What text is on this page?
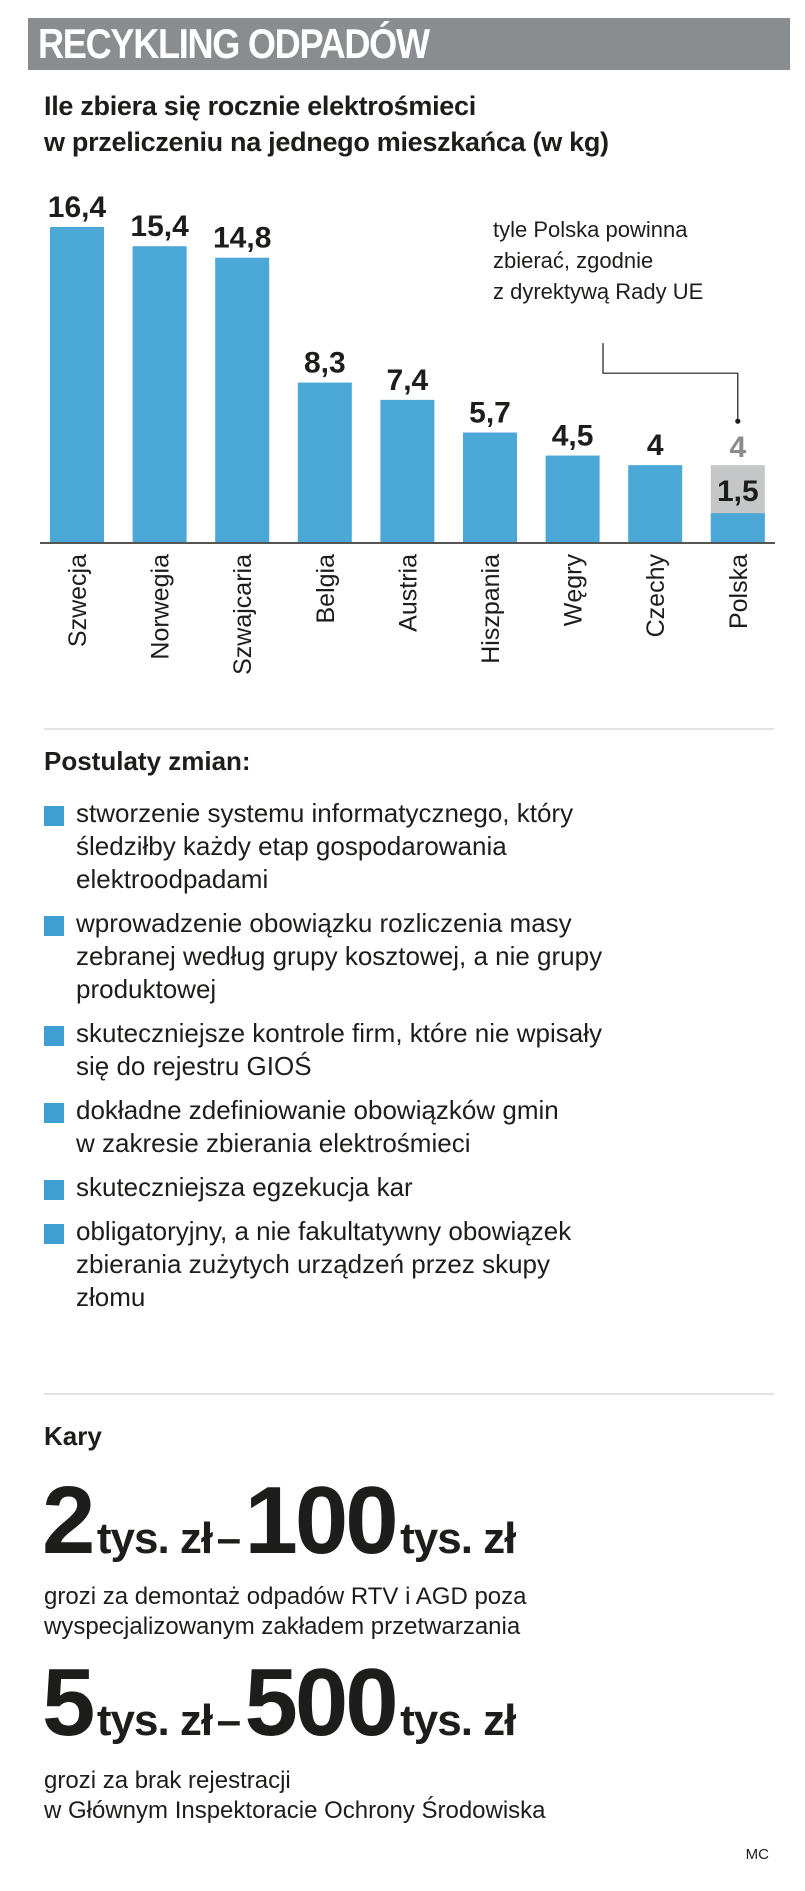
RECYKLING ODPADÓW
Ile zbiera się rocznie elektrośmieci
w przeliczeniu na jednego mieszkańca (w kg)
16,4
Szwecja
15,4
Norwegia
14,8
Szwajcaria
8,3
Belgia
7,4
Austria
5,7
Hiszpania
4,5
Węgry
4
Czechy
1,5
Polska
4
tyle Polska powinna
zbierać, zgodnie
z dyrektywą Rady UE
Postulaty zmian:
stworzenie systemu informatycznego, który
śledziłby każdy etap gospodarowania
elektroodpadami
wprowadzenie obowiązku rozliczenia masy
zebranej według grupy kosztowej, a nie grupy
produktowej
skuteczniejsze kontrole firm, które nie wpisały
się do rejestru GIOŚ
dokładne zdefiniowanie obowiązków gmin
w zakresie zbierania elektrośmieci
skuteczniejsza egzekucja kar
obligatoryjny, a nie fakultatywny obowiązek
zbierania zużytych urządzeń przez skupy
złomu
Kary
2 tys. zł – 100 tys. zł
grozi za demontaż odpadów RTV i AGD poza
wyspecjalizowanym zakładem przetwarzania
5 tys. zł – 500 tys. zł
grozi za brak rejestracji
w Głównym Inspektoracie Ochrony Środowiska
MC
